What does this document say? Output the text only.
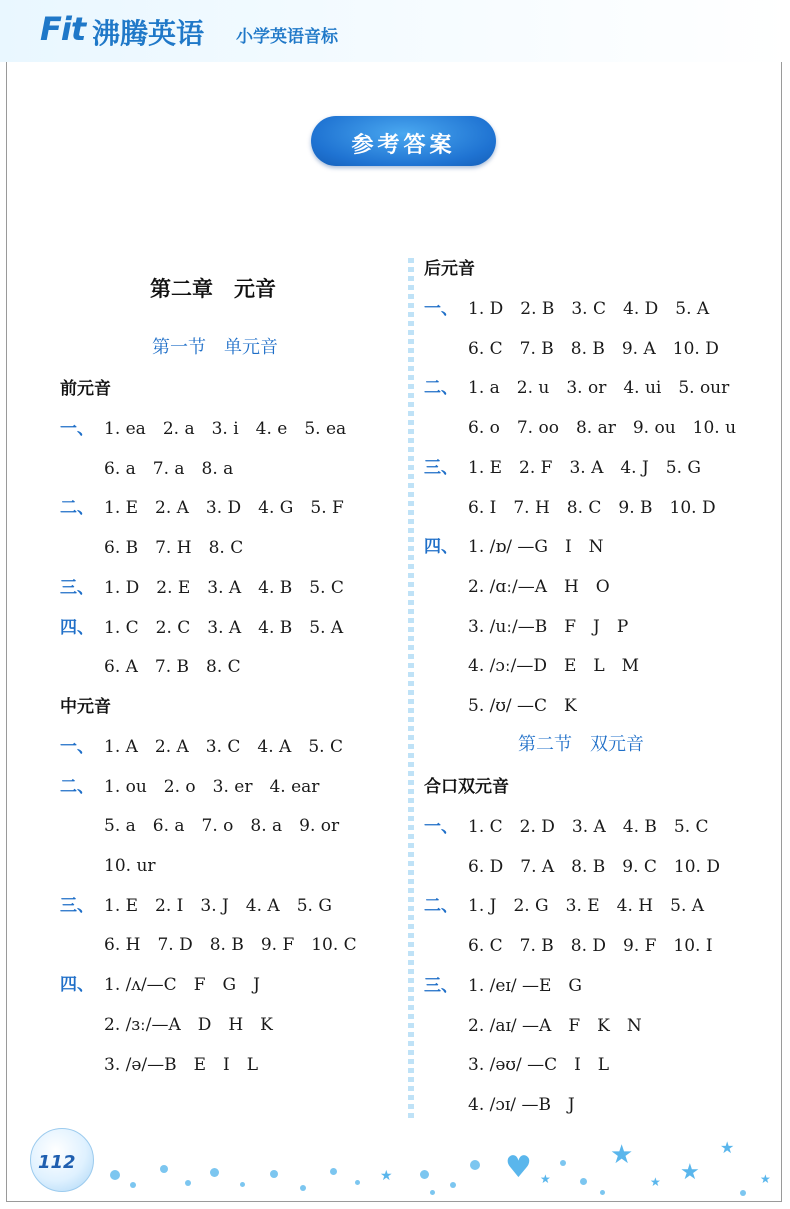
Fit 沸腾英语 小学英语音标
参考答案
第二章　元音
第一节　单元音
前元音
一、 1. ea　2. a　3. i　4. e　5. ea
6. a　7. a　8. a
二、 1. E　2. A　3. D　4. G　5. F
6. B　7. H　8. C
三、 1. D　2. E　3. A　4. B　5. C
四、 1. C　2. C　3. A　4. B　5. A
6. A　7. B　8. C
中元音
一、 1. A　2. A　3. C　4. A　5. C
二、 1. ou　2. o　3. er　4. ear
5. a　6. a　7. o　8. a　9. or
10. ur
三、 1. E　2. I　3. J　4. A　5. G
6. H　7. D　8. B　9. F　10. C
四、 1. /ʌ/—C　F　G　J
2. /ɜː/—A　D　H　K
3. /ə/—B　E　I　L
第二节　双元音
后元音
一、 1. D　2. B　3. C　4. D　5. A
6. C　7. B　8. B　9. A　10. D
二、 1. a　2. u　3. or　4. ui　5. our
6. o　7. oo　8. ar　9. ou　10. u
三、 1. E　2. F　3. A　4. J　5. G
6. I　7. H　8. C　9. B　10. D
四、 1. /ɒ/ —G　I　N
2. /ɑː/—A　H　O
3. /uː/—B　F　J　P
4. /ɔː/—D　E　L　M
5. /ʊ/ —C　K
合口双元音
一、 1. C　2. D　3. A　4. B　5. C
6. D　7. A　8. B　9. C　10. D
二、 1. J　2. G　3. E　4. H　5. A
6. C　7. B　8. D　9. F　10. I
三、 1. /eɪ/ —E　G
2. /aɪ/ —A　F　K　N
3. /əʊ/ —C　I　L
4. /ɔɪ/ —B　J
112	★
★
★
★	★	★	★
♥
